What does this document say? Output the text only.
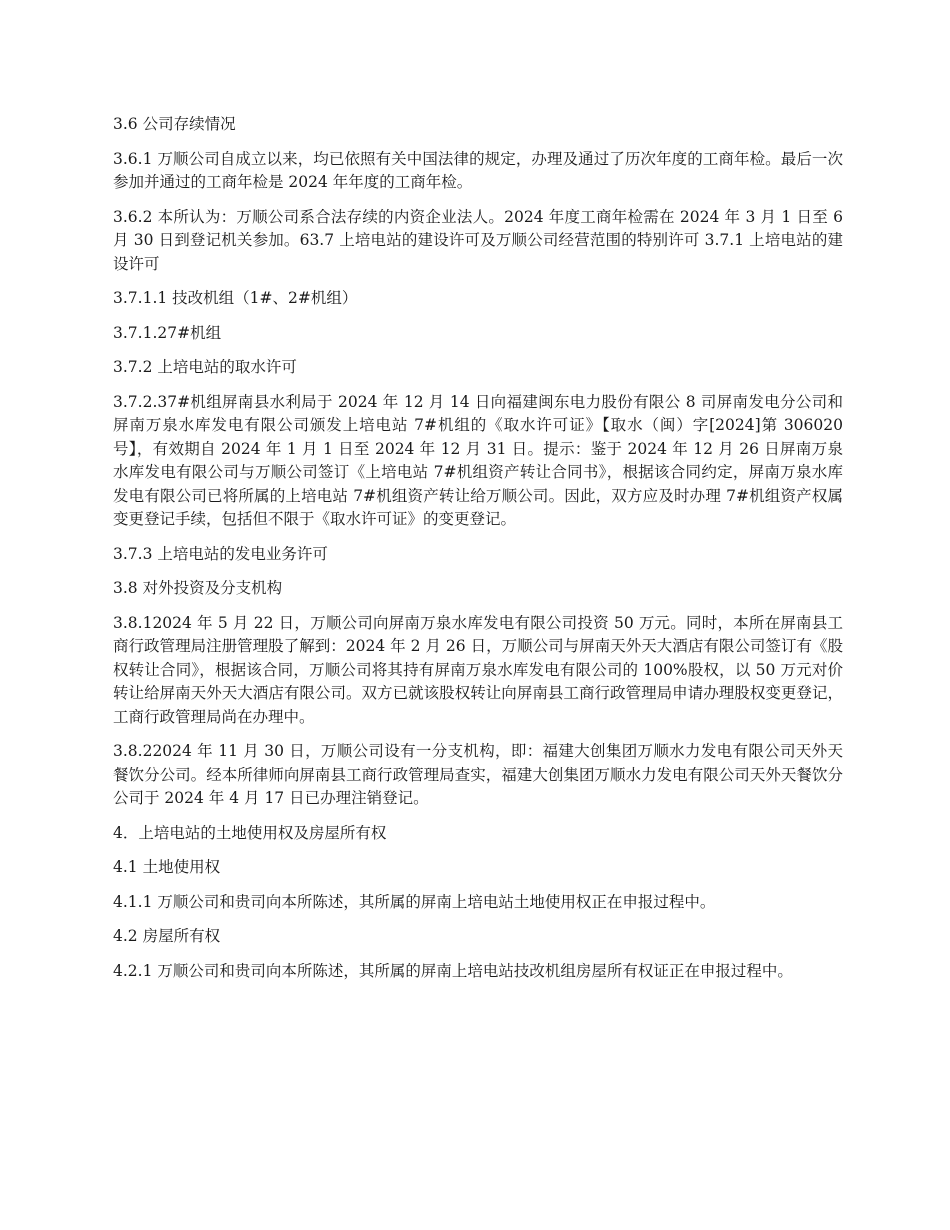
3.6 公司存续情况

3.6.1 万顺公司自成立以来，均已依照有关中国法律的规定，办理及通过了历次年度的工商年检。最后一次参加并通过的工商年检是 2024 年年度的工商年检。

3.6.2 本所认为：万顺公司系合法存续的内资企业法人。2024 年度工商年检需在 2024 年 3 月 1 日至 6 月 30 日到登记机关参加。63.7 上培电站的建设许可及万顺公司经营范围的特别许可 3.7.1 上培电站的建设许可

3.7.1.1 技改机组（1#、2#机组）

3.7.1.27#机组

3.7.2 上培电站的取水许可

3.7.2.37#机组屏南县水利局于 2024 年 12 月 14 日向福建闽东电力股份有限公 8 司屏南发电分公司和屏南万泉水库发电有限公司颁发上培电站 7#机组的《取水许可证》【取水（闽）字[2024]第 306020 号】，有效期自 2024 年 1 月 1 日至 2024 年 12 月 31 日。提示：鉴于 2024 年 12 月 26 日屏南万泉水库发电有限公司与万顺公司签订《上培电站 7#机组资产转让合同书》，根据该合同约定，屏南万泉水库发电有限公司已将所属的上培电站 7#机组资产转让给万顺公司。因此，双方应及时办理 7#机组资产权属变更登记手续，包括但不限于《取水许可证》的变更登记。

3.7.3 上培电站的发电业务许可

3.8 对外投资及分支机构

3.8.12024 年 5 月 22 日，万顺公司向屏南万泉水库发电有限公司投资 50 万元。同时，本所在屏南县工商行政管理局注册管理股了解到：2024 年 2 月 26 日，万顺公司与屏南天外天大酒店有限公司签订有《股权转让合同》，根据该合同，万顺公司将其持有屏南万泉水库发电有限公司的 100%股权，以 50 万元对价转让给屏南天外天大酒店有限公司。双方已就该股权转让向屏南县工商行政管理局申请办理股权变更登记，工商行政管理局尚在办理中。

3.8.22024 年 11 月 30 日，万顺公司设有一分支机构，即：福建大创集团万顺水力发电有限公司天外天餐饮分公司。经本所律师向屏南县工商行政管理局查实，福建大创集团万顺水力发电有限公司天外天餐饮分公司于 2024 年 4 月 17 日已办理注销登记。

4．上培电站的土地使用权及房屋所有权

4.1 土地使用权

4.1.1 万顺公司和贵司向本所陈述，其所属的屏南上培电站土地使用权正在申报过程中。

4.2 房屋所有权

4.2.1 万顺公司和贵司向本所陈述，其所属的屏南上培电站技改机组房屋所有权证正在申报过程中。
